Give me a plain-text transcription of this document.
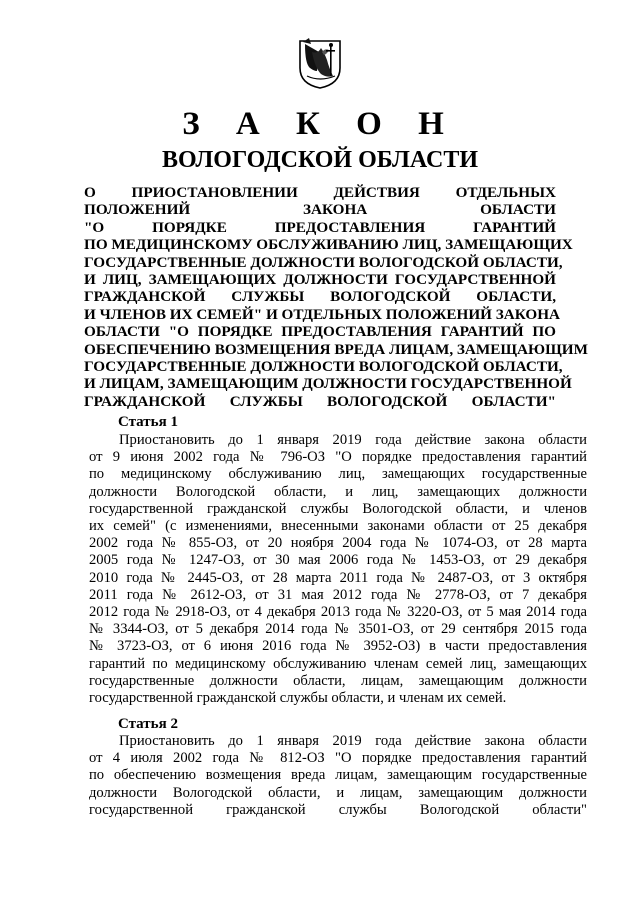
З А К О Н
ВОЛОГОДСКОЙ ОБЛАСТИ
О ПРИОСТАНОВЛЕНИИ ДЕЙСТВИЯ ОТДЕЛЬНЫХ
ПОЛОЖЕНИЙ ЗАКОНА ОБЛАСТИ
"О ПОРЯДКЕ ПРЕДОСТАВЛЕНИЯ ГАРАНТИЙ
ПО МЕДИЦИНСКОМУ ОБСЛУЖИВАНИЮ ЛИЦ, ЗАМЕЩАЮЩИХ
ГОСУДАРСТВЕННЫЕ ДОЛЖНОСТИ ВОЛОГОДСКОЙ ОБЛАСТИ,
И ЛИЦ, ЗАМЕЩАЮЩИХ ДОЛЖНОСТИ ГОСУДАРСТВЕННОЙ
ГРАЖДАНСКОЙ СЛУЖБЫ ВОЛОГОДСКОЙ ОБЛАСТИ,
И ЧЛЕНОВ ИХ СЕМЕЙ" И ОТДЕЛЬНЫХ ПОЛОЖЕНИЙ ЗАКОНА
ОБЛАСТИ "О ПОРЯДКЕ ПРЕДОСТАВЛЕНИЯ ГАРАНТИЙ ПО
ОБЕСПЕЧЕНИЮ ВОЗМЕЩЕНИЯ ВРЕДА ЛИЦАМ, ЗАМЕЩАЮЩИМ
ГОСУДАРСТВЕННЫЕ ДОЛЖНОСТИ ВОЛОГОДСКОЙ ОБЛАСТИ,
И ЛИЦАМ, ЗАМЕЩАЮЩИМ ДОЛЖНОСТИ ГОСУДАРСТВЕННОЙ
ГРАЖДАНСКОЙ СЛУЖБЫ ВОЛОГОДСКОЙ ОБЛАСТИ"
Статья 1
Приостановить до 1 января 2019 года действие закона области
от 9 июня 2002 года № 796-ОЗ "О порядке предоставления гарантий
по медицинскому обслуживанию лиц, замещающих государственные
должности Вологодской области, и лиц, замещающих должности
государственной гражданской службы Вологодской области, и членов
их семей" (с изменениями, внесенными законами области от 25 декабря
2002 года № 855-ОЗ, от 20 ноября 2004 года № 1074-ОЗ, от 28 марта
2005 года № 1247-ОЗ, от 30 мая 2006 года № 1453-ОЗ, от 29 декабря
2010 года № 2445-ОЗ, от 28 марта 2011 года № 2487-ОЗ, от 3 октября
2011 года № 2612-ОЗ, от 31 мая 2012 года № 2778-ОЗ, от 7 декабря
2012 года № 2918-ОЗ, от 4 декабря 2013 года № 3220-ОЗ, от 5 мая 2014 года
№ 3344-ОЗ, от 5 декабря 2014 года № 3501-ОЗ, от 29 сентября 2015 года
№ 3723-ОЗ, от 6 июня 2016 года № 3952-ОЗ) в части предоставления
гарантий по медицинскому обслуживанию членам семей лиц, замещающих
государственные должности области, лицам, замещающим должности
государственной гражданской службы области, и членам их семей.
Статья 2
Приостановить до 1 января 2019 года действие закона области
от 4 июля 2002 года № 812-ОЗ "О порядке предоставления гарантий
по обеспечению возмещения вреда лицам, замещающим государственные
должности Вологодской области, и лицам, замещающим должности
государственной гражданской службы Вологодской области"
